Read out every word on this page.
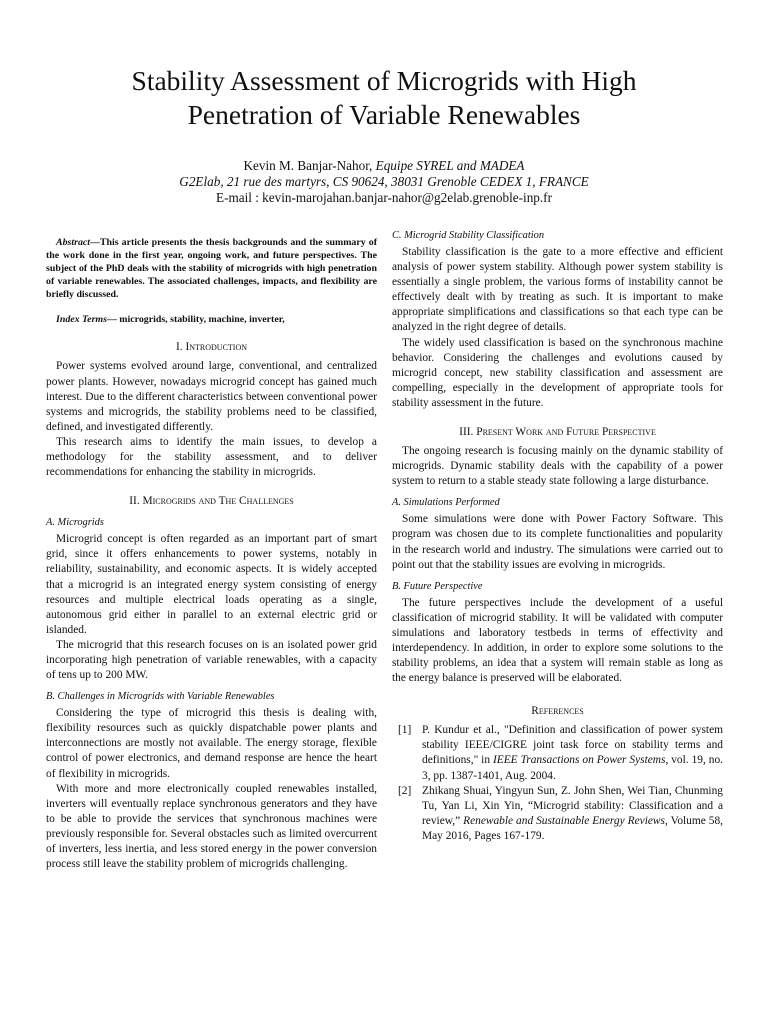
Stability Assessment of Microgrids with High
Penetration of Variable Renewables
Kevin M. Banjar-Nahor, Equipe SYREL and MADEA
G2Elab, 21 rue des martyrs, CS 90624, 38031 Grenoble CEDEX 1, FRANCE
E-mail : kevin-marojahan.banjar-nahor@g2elab.grenoble-inp.fr

Abstract—This article presents the thesis backgrounds and the summary of the work done in the first year, ongoing work, and future perspectives. The subject of the PhD deals with the stability of microgrids with high penetration of variable renewables. The associated challenges, impacts, and flexibility are briefly discussed.

Index Terms— microgrids, stability, machine, inverter,

I. Introduction

Power systems evolved around large, conventional, and centralized power plants. However, nowadays microgrid concept has gained much interest. Due to the different characteristics between conventional power systems and microgrids, the stability problems need to be classified, defined, and investigated differently.

This research aims to identify the main issues, to develop a methodology for the stability assessment, and to deliver recommendations for enhancing the stability in microgrids.

II. Microgrids and The Challenges
A. Microgrids

Microgrid concept is often regarded as an important part of smart grid, since it offers enhancements to power systems, notably in reliability, sustainability, and economic aspects. It is widely accepted that a microgrid is an integrated energy system consisting of energy resources and multiple electrical loads operating as a single, autonomous grid either in parallel to an external electric grid or islanded.

The microgrid that this research focuses on is an isolated power grid incorporating high penetration of variable renewables, with a capacity of tens up to 200 MW.

B. Challenges in Microgrids with Variable Renewables

Considering the type of microgrid this thesis is dealing with, flexibility resources such as quickly dispatchable power plants and interconnections are mostly not available. The energy storage, flexible control of power electronics, and demand response are hence the heart of flexibility in microgrids.

With more and more electronically coupled renewables installed, inverters will eventually replace synchronous generators and they have to be able to provide the services that synchronous machines were previously responsible for. Several obstacles such as limited overcurrent of inverters, less inertia, and less stored energy in the power conversion process still leave the stability problem of microgrids challenging.

C. Microgrid Stability Classification

Stability classification is the gate to a more effective and efficient analysis of power system stability. Although power system stability is essentially a single problem, the various forms of instability cannot be effectively dealt with by treating as such. It is important to make appropriate simplifications and classifications so that each type can be analyzed in the right degree of details.

The widely used classification is based on the synchronous machine behavior. Considering the challenges and evolutions caused by microgrid concept, new stability classification and assessment are compelling, especially in the development of appropriate tools for stability assessment in the future.

III. Present Work and Future Perspective

The ongoing research is focusing mainly on the dynamic stability of microgrids. Dynamic stability deals with the capability of a power system to return to a stable steady state following a large disturbance.

A. Simulations Performed

Some simulations were done with Power Factory Software. This program was chosen due to its complete functionalities and popularity in the research world and industry. The simulations were carried out to point out that the stability issues are evolving in microgrids.

B. Future Perspective

The future perspectives include the development of a useful classification of microgrid stability. It will be validated with computer simulations and laboratory testbeds in terms of effectivity and interdependency. In addition, in order to explore some solutions to the stability problems, an idea that a system will remain stable as long as the energy balance is preserved will be elaborated.

References
[1] P. Kundur et al., "Definition and classification of power system stability IEEE/CIGRE joint task force on stability terms and definitions," in IEEE Transactions on Power Systems, vol. 19, no. 3, pp. 1387-1401, Aug. 2004.
[2] Zhikang Shuai, Yingyun Sun, Z. John Shen, Wei Tian, Chunming Tu, Yan Li, Xin Yin, “Microgrid stability: Classification and a review,” Renewable and Sustainable Energy Reviews, Volume 58, May 2016, Pages 167-179.
